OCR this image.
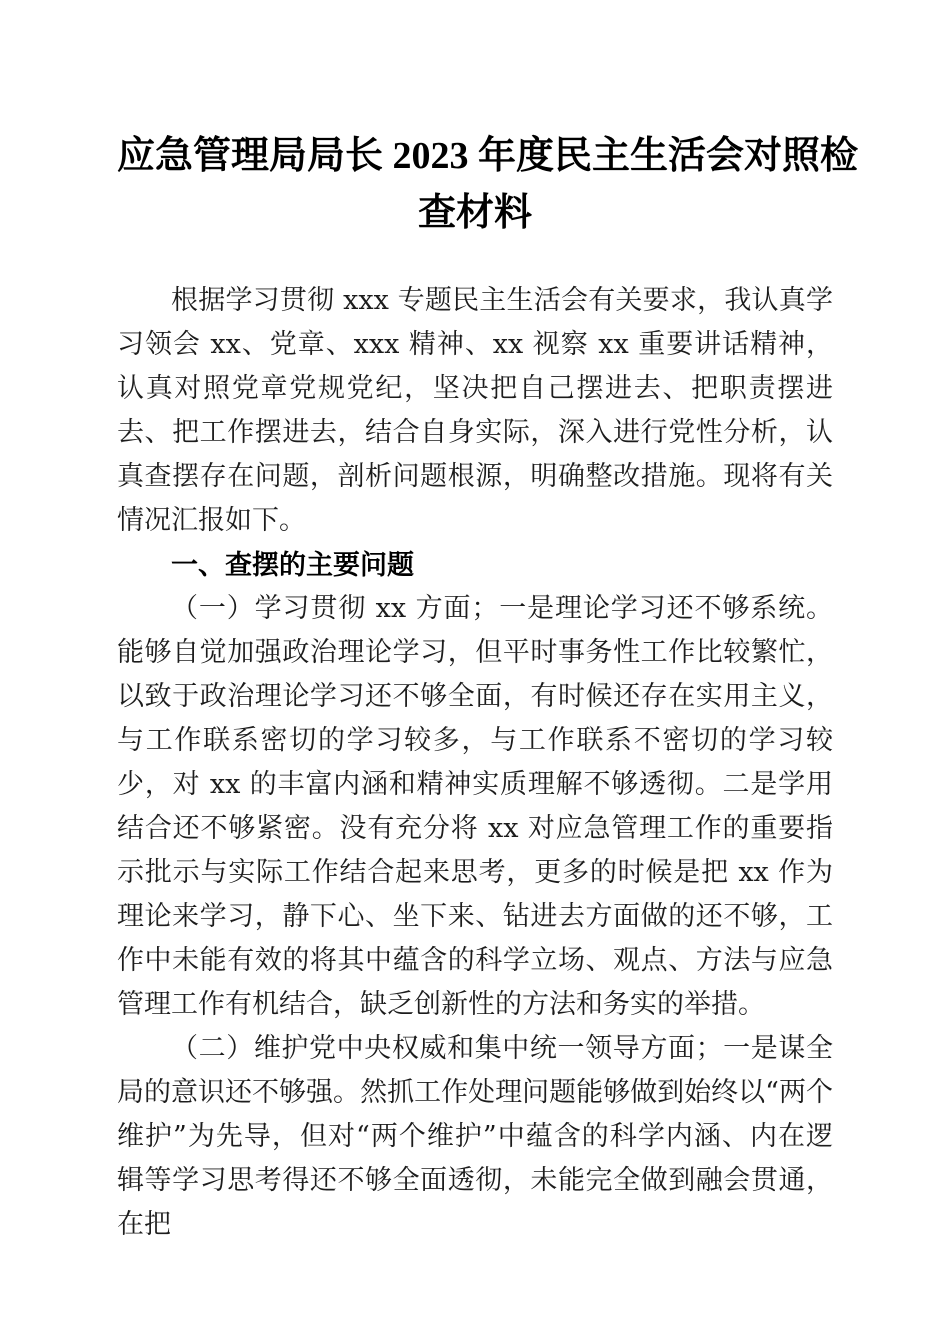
应急管理局局长 2023 年度民主生活会对照检
查材料

根据学习贯彻 xxx 专题民主生活会有关要求，我认真学习领会 xx、党章、xxx 精神、xx 视察 xx 重要讲话精神，认真对照党章党规党纪，坚决把自己摆进去、把职责摆进去、把工作摆进去，结合自身实际，深入进行党性分析，认真查摆存在问题，剖析问题根源，明确整改措施。现将有关情况汇报如下。

一、查摆的主要问题

（一）学习贯彻 xx 方面；一是理论学习还不够系统。能够自觉加强政治理论学习，但平时事务性工作比较繁忙，以致于政治理论学习还不够全面，有时候还存在实用主义，与工作联系密切的学习较多，与工作联系不密切的学习较少，对 xx 的丰富内涵和精神实质理解不够透彻。二是学用结合还不够紧密。没有充分将 xx 对应急管理工作的重要指示批示与实际工作结合起来思考，更多的时候是把 xx 作为理论来学习，静下心、坐下来、钻进去方面做的还不够，工作中未能有效的将其中蕴含的科学立场、观点、方法与应急管理工作有机结合，缺乏创新性的方法和务实的举措。

（二）维护党中央权威和集中统一领导方面；一是谋全局的意识还不够强。然抓工作处理问题能够做到始终以“两个维护”为先导，但对“两个维护”中蕴含的科学内涵、内在逻辑等学习思考得还不够全面透彻，未能完全做到融会贯通，在把
